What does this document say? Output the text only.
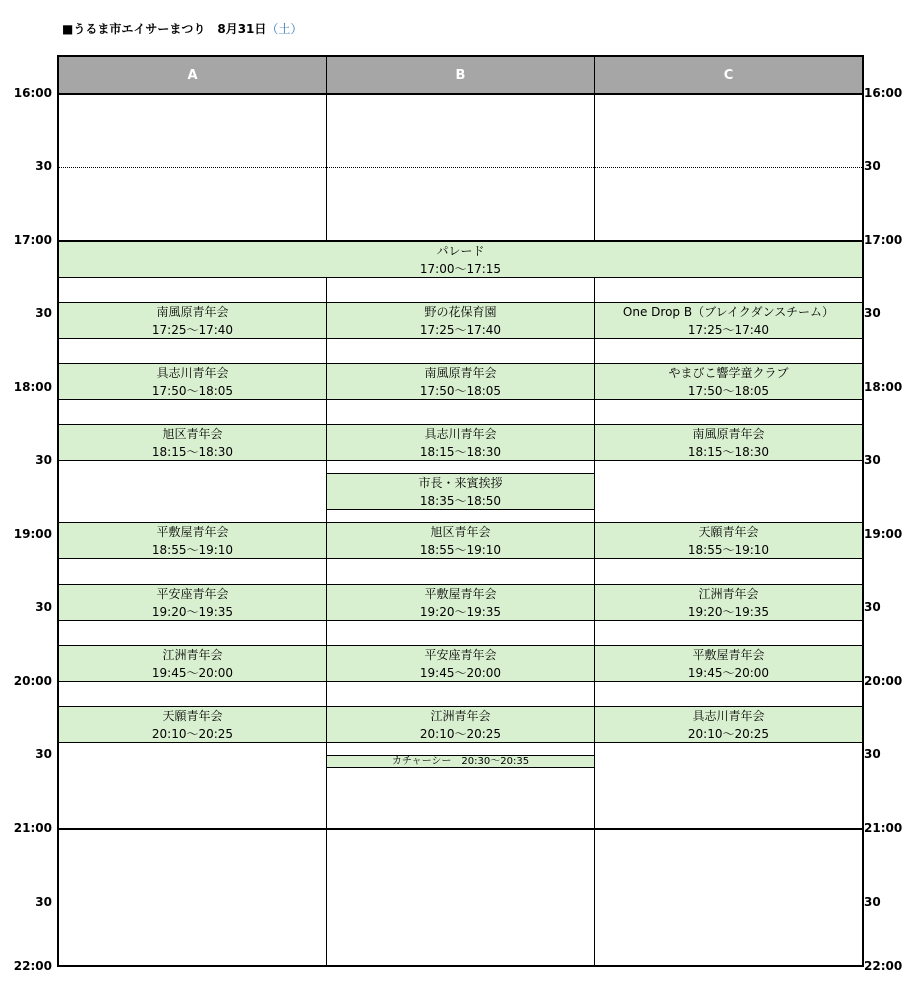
■うるま市エイサーまつり　8月31日（土）
16:00
30
17:00
30
18:00
30
19:00
30
20:00
30
21:00
30
22:00
16:00
30
17:00
30
18:00
30
19:00
30
20:00
30
21:00
30
22:00
A	B	C
パレード
17:00～17:15
南風原青年会
17:25～17:40
野の花保育園
17:25～17:40
One Drop B（ブレイクダンスチーム）
17:25～17:40
具志川青年会
17:50～18:05
南風原青年会
17:50～18:05
やまびこ響学童クラブ
17:50～18:05
旭区青年会
18:15～18:30
具志川青年会
18:15～18:30
南風原青年会
18:15～18:30
市長・来賓挨拶
18:35～18:50
平敷屋青年会
18:55～19:10
旭区青年会
18:55～19:10
天願青年会
18:55～19:10
平安座青年会
19:20～19:35
平敷屋青年会
19:20～19:35
江洲青年会
19:20～19:35
江洲青年会
19:45～20:00
平安座青年会
19:45～20:00
平敷屋青年会
19:45～20:00
天願青年会
20:10～20:25
江洲青年会
20:10～20:25
具志川青年会
20:10～20:25
カチャーシー　20:30～20:35
